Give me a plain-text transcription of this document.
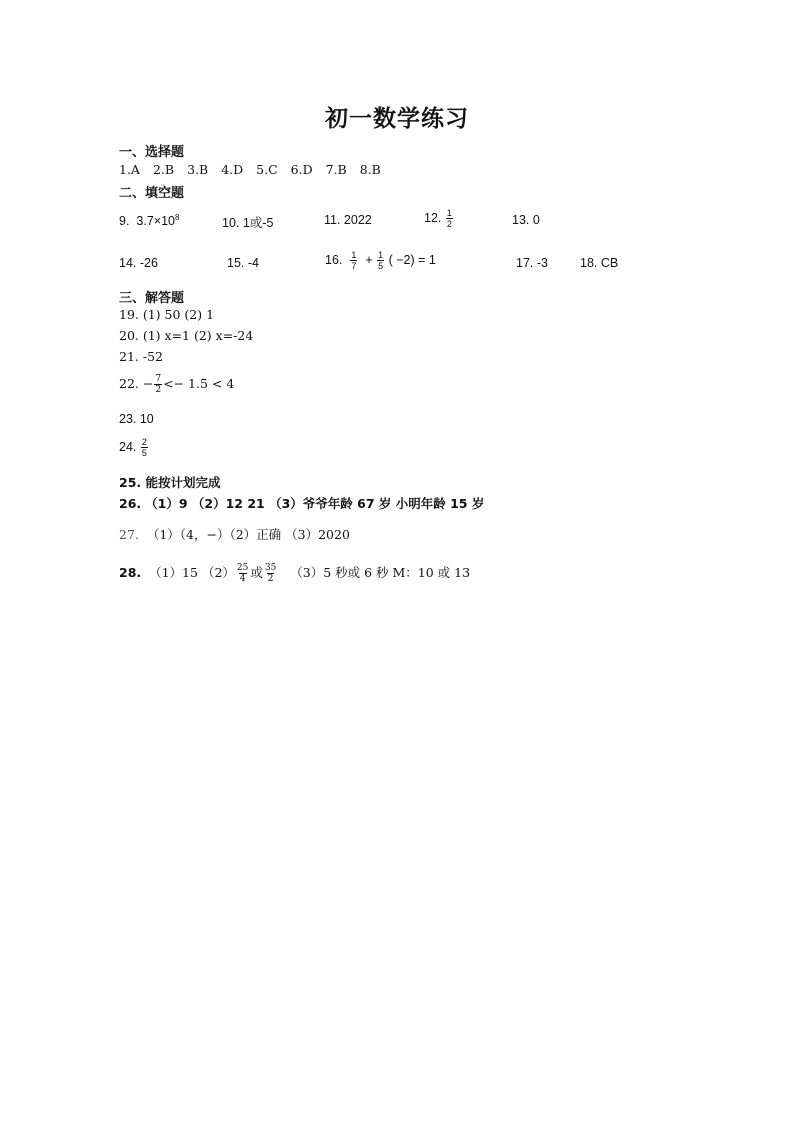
初一数学练习
一、选择题
1.A 2.B 3.B 4.D 5.C 6.D 7.B 8.B
二、填空题
9. $3.7\times 10^8$	10. 1或-5	11. 2022	12. $\frac{1}{2}$	13. 0
14. -26	15. -4	16. $\frac{1}{7} + \frac{1}{5}$ ( −2) = 1	17. -3	18. CB
三、解答题
19. (1) 50 (2) 1
20. (1) x=1 (2) x=-24
21. -52
22. − $\frac{7}{2} <- 1.5 < 4$
23. 10
24. $\frac{2}{5}$
25. 能按计划完成
26. （1）9 （2）12 21 （3）爷爷年龄 67 岁 小明年龄 15 岁
27. （1）（4，−）（2）正确 （3）2020
28. （1）15 $(2) \frac{25}{4}$ 或 $\frac{35}{2} (3)5$ 秒或 6 秒 M：10 或 13
